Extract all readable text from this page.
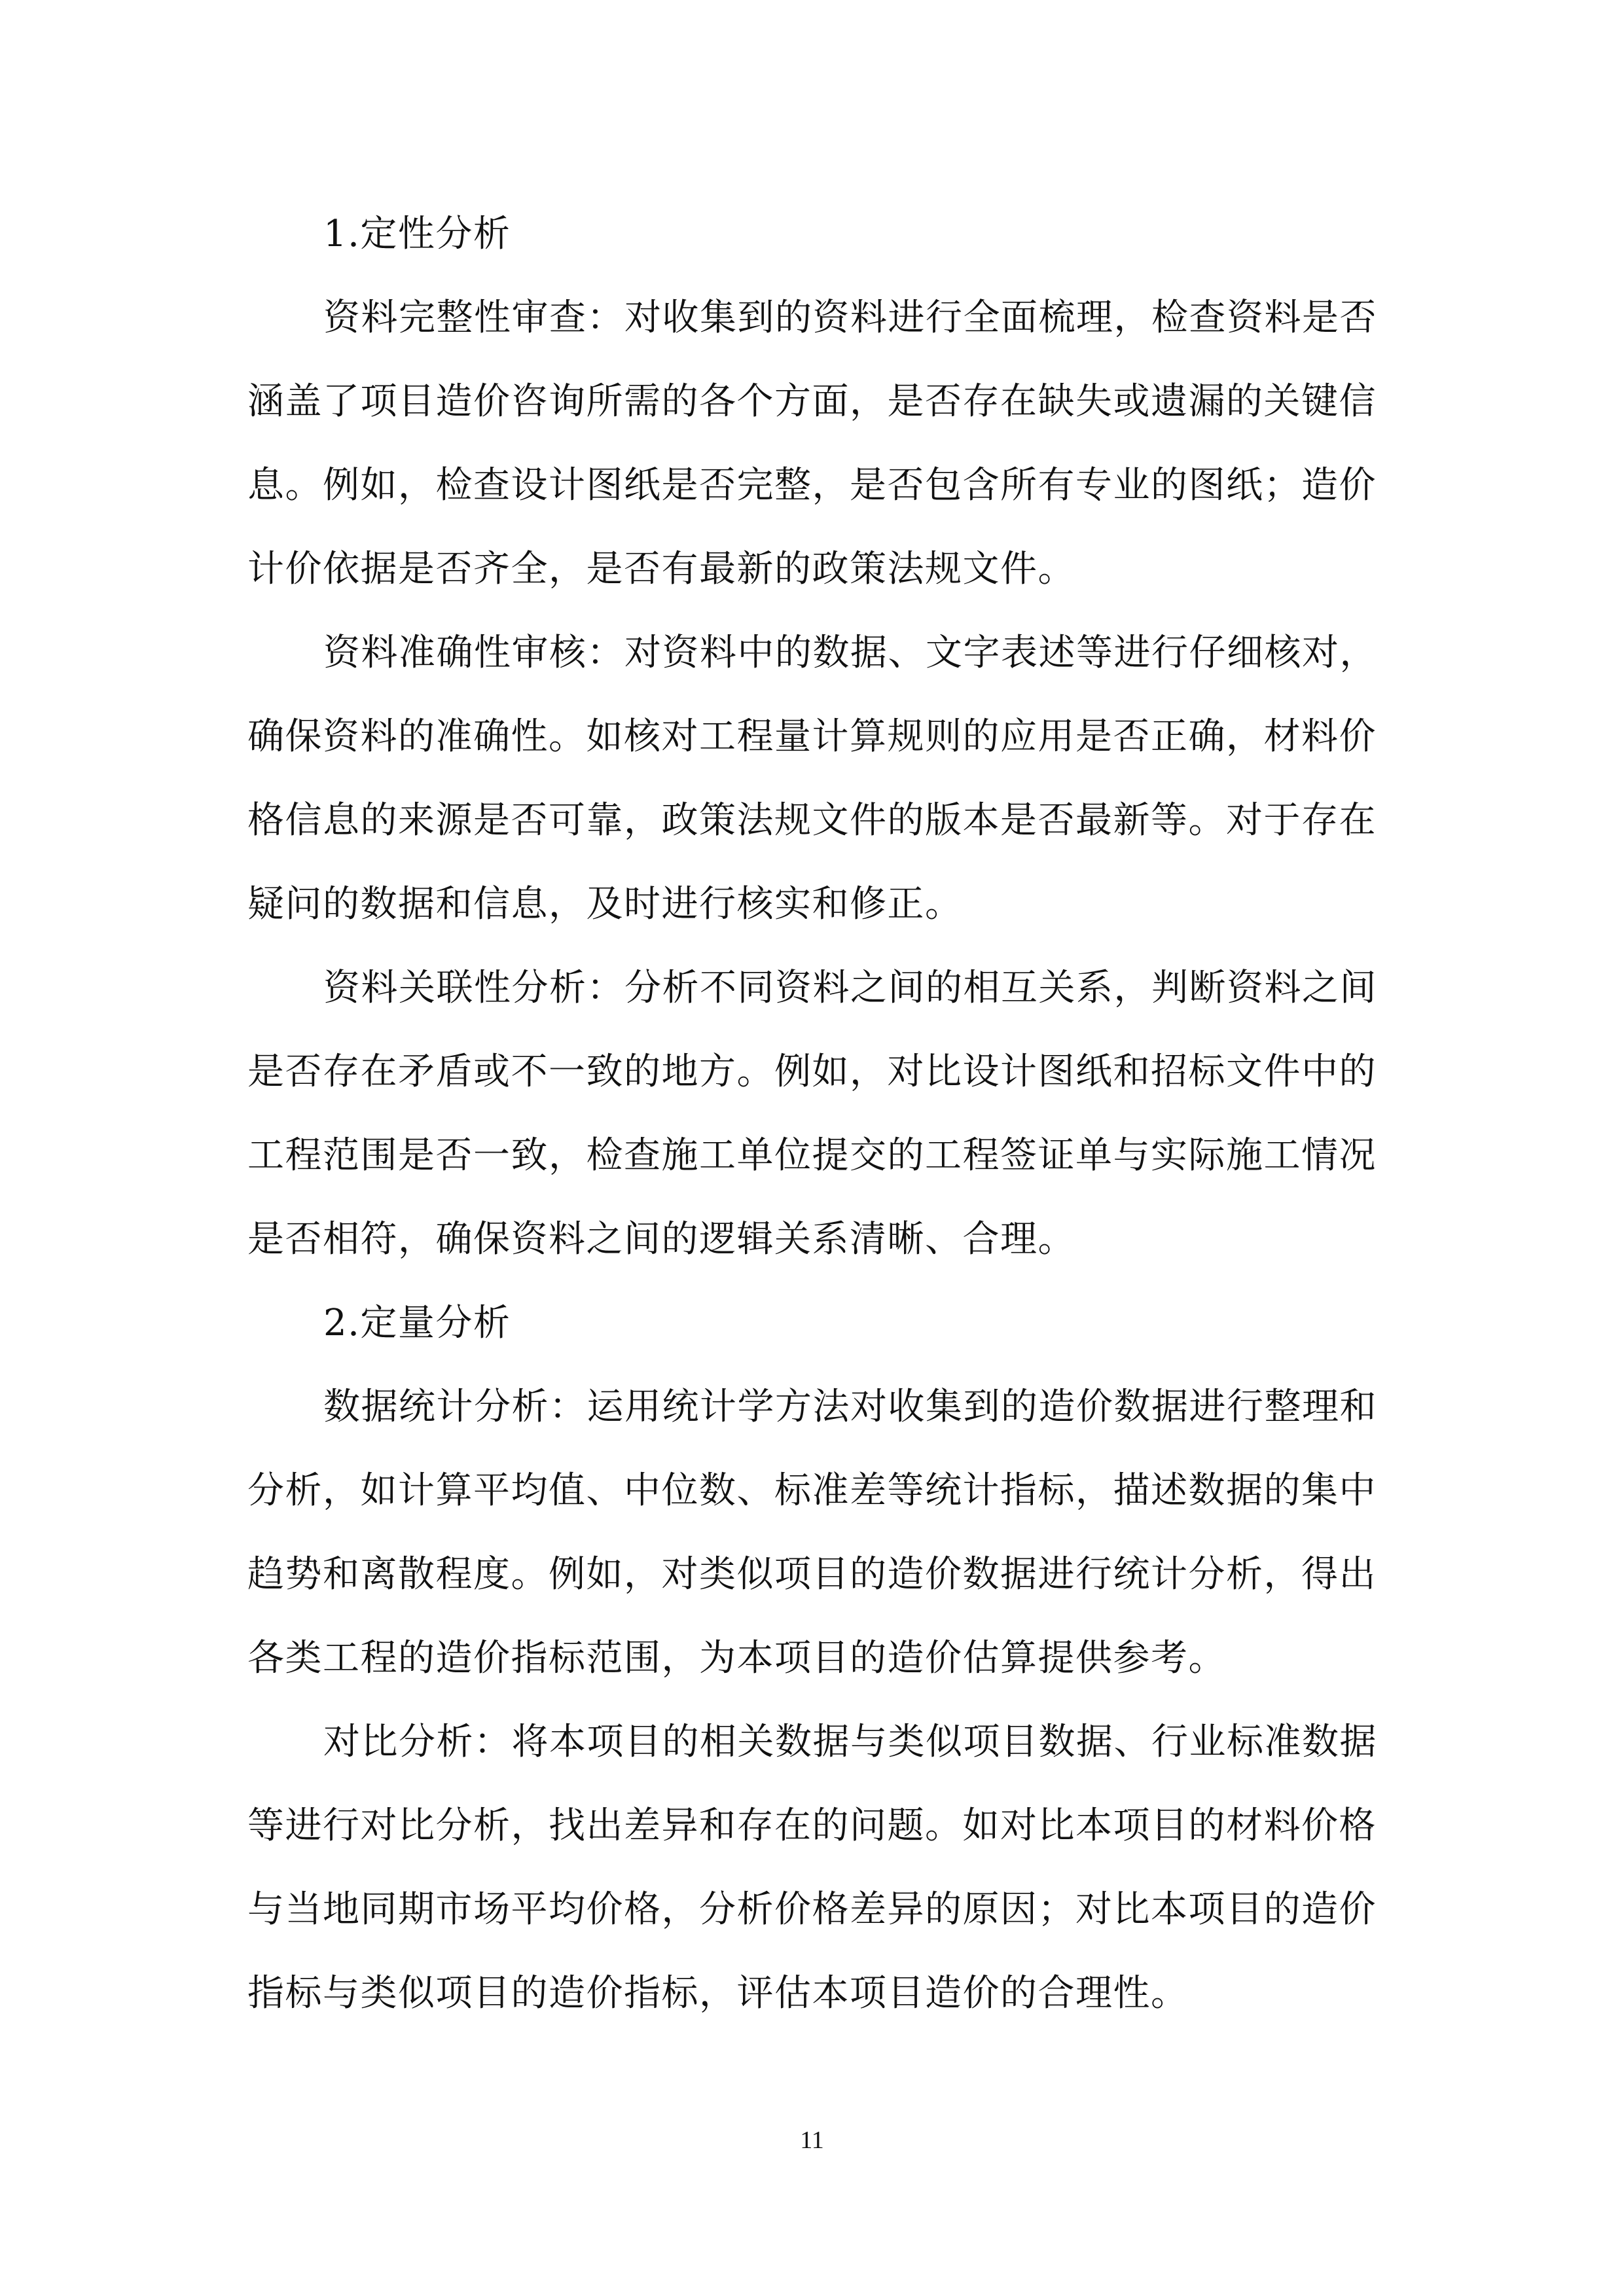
1.定性分析
资料完整性审查：对收集到的资料进行全面梳理，检查资料是否
涵盖了项目造价咨询所需的各个方面，是否存在缺失或遗漏的关键信
息。例如，检查设计图纸是否完整，是否包含所有专业的图纸；造价
计价依据是否齐全，是否有最新的政策法规文件。
资料准确性审核：对资料中的数据、文字表述等进行仔细核对，
确保资料的准确性。如核对工程量计算规则的应用是否正确，材料价
格信息的来源是否可靠，政策法规文件的版本是否最新等。对于存在
疑问的数据和信息，及时进行核实和修正。
资料关联性分析：分析不同资料之间的相互关系，判断资料之间
是否存在矛盾或不一致的地方。例如，对比设计图纸和招标文件中的
工程范围是否一致，检查施工单位提交的工程签证单与实际施工情况
是否相符，确保资料之间的逻辑关系清晰、合理。
2.定量分析
数据统计分析：运用统计学方法对收集到的造价数据进行整理和
分析，如计算平均值、中位数、标准差等统计指标，描述数据的集中
趋势和离散程度。例如，对类似项目的造价数据进行统计分析，得出
各类工程的造价指标范围，为本项目的造价估算提供参考。
对比分析：将本项目的相关数据与类似项目数据、行业标准数据
等进行对比分析，找出差异和存在的问题。如对比本项目的材料价格
与当地同期市场平均价格，分析价格差异的原因；对比本项目的造价
指标与类似项目的造价指标，评估本项目造价的合理性。
11
